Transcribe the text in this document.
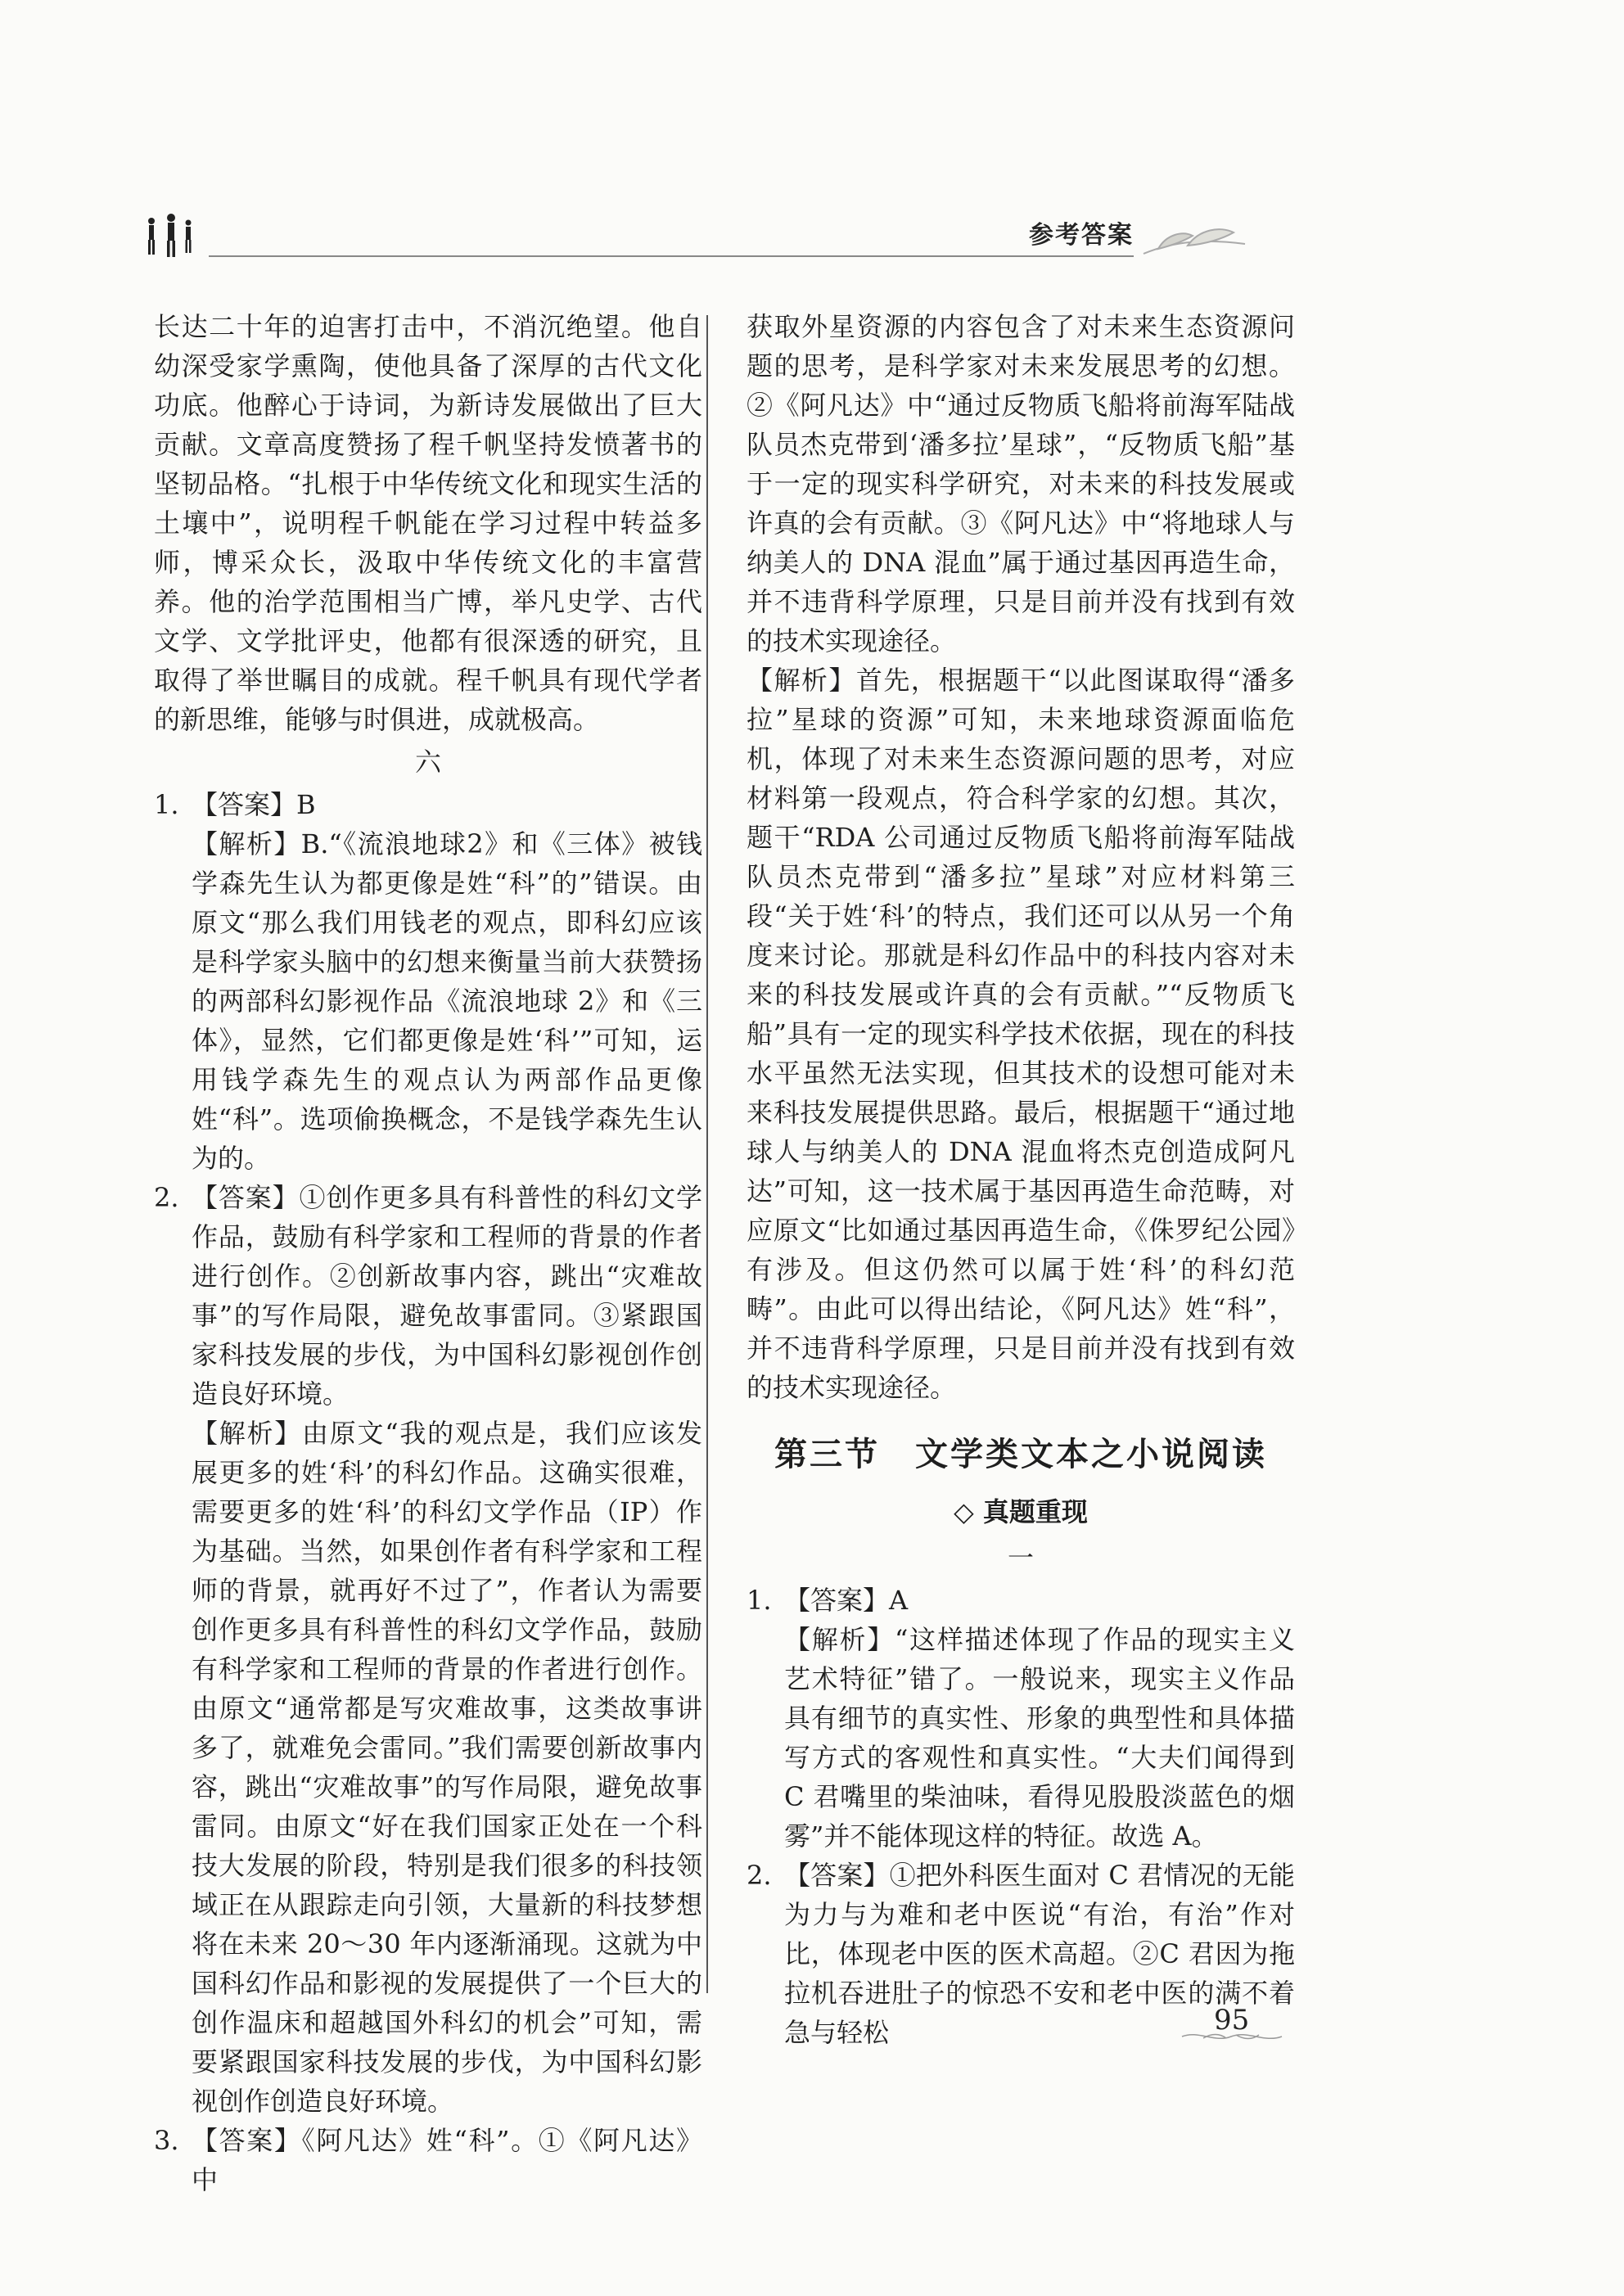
参考答案

长达二十年的迫害打击中，不消沉绝望。他自幼深受家学熏陶，使他具备了深厚的古代文化功底。他醉心于诗词，为新诗发展做出了巨大贡献。文章高度赞扬了程千帆坚持发愤著书的坚韧品格。“扎根于中华传统文化和现实生活的土壤中”，说明程千帆能在学习过程中转益多师，博采众长，汲取中华传统文化的丰富营养。他的治学范围相当广博，举凡史学、古代文学、文学批评史，他都有很深透的研究，且取得了举世瞩目的成就。程千帆具有现代学者的新思维，能够与时俱进，成就极高。

六
1. 【答案】B

【解析】B.“《流浪地球2》和《三体》被钱学森先生认为都更像是姓“科”的”错误。由原文“那么我们用钱老的观点，即科幻应该是科学家头脑中的幻想来衡量当前大获赞扬的两部科幻影视作品《流浪地球 2》和《三体》，显然，它们都更像是姓‘科’”可知，运用钱学森先生的观点认为两部作品更像姓“科”。选项偷换概念，不是钱学森先生认为的。

2. 【答案】①创作更多具有科普性的科幻文学作品，鼓励有科学家和工程师的背景的作者进行创作。②创新故事内容，跳出“灾难故事”的写作局限，避免故事雷同。③紧跟国家科技发展的步伐，为中国科幻影视创作创造良好环境。

【解析】由原文“我的观点是，我们应该发展更多的姓‘科’的科幻作品。这确实很难，需要更多的姓‘科’的科幻文学作品（IP）作为基础。当然，如果创作者有科学家和工程师的背景，就再好不过了”，作者认为需要创作更多具有科普性的科幻文学作品，鼓励有科学家和工程师的背景的作者进行创作。由原文“通常都是写灾难故事，这类故事讲多了，就难免会雷同。”我们需要创新故事内容，跳出“灾难故事”的写作局限，避免故事雷同。由原文“好在我们国家正处在一个科技大发展的阶段，特别是我们很多的科技领域正在从跟踪走向引领，大量新的科技梦想将在未来 20～30 年内逐渐涌现。这就为中国科幻作品和影视的发展提供了一个巨大的创作温床和超越国外科幻的机会”可知，需要紧跟国家科技发展的步伐，为中国科幻影视创作创造良好环境。

3. 【答案】《阿凡达》姓“科”。①《阿凡达》中

获取外星资源的内容包含了对未来生态资源问题的思考，是科学家对未来发展思考的幻想。②《阿凡达》中“通过反物质飞船将前海军陆战队员杰克带到‘潘多拉’星球”，“反物质飞船”基于一定的现实科学研究，对未来的科技发展或许真的会有贡献。③《阿凡达》中“将地球人与纳美人的 DNA 混血”属于通过基因再造生命，并不违背科学原理，只是目前并没有找到有效的技术实现途径。

【解析】首先，根据题干“以此图谋取得“潘多拉”星球的资源”可知，未来地球资源面临危机，体现了对未来生态资源问题的思考，对应材料第一段观点，符合科学家的幻想。其次，题干“RDA 公司通过反物质飞船将前海军陆战队员杰克带到“潘多拉”星球”对应材料第三段“关于姓‘科’的特点，我们还可以从另一个角度来讨论。那就是科幻作品中的科技内容对未来的科技发展或许真的会有贡献。”“反物质飞船”具有一定的现实科学技术依据，现在的科技水平虽然无法实现，但其技术的设想可能对未来科技发展提供思路。最后，根据题干“通过地球人与纳美人的 DNA 混血将杰克创造成阿凡达”可知，这一技术属于基因再造生命范畴，对应原文“比如通过基因再造生命，《侏罗纪公园》有涉及。但这仍然可以属于姓‘科’的科幻范畴”。由此可以得出结论，《阿凡达》姓“科”，并不违背科学原理，只是目前并没有找到有效的技术实现途径。

第三节　文学类文本之小说阅读
◇ 真题重现
一
1. 【答案】A

【解析】“这样描述体现了作品的现实主义艺术特征”错了。一般说来，现实主义作品具有细节的真实性、形象的典型性和具体描写方式的客观性和真实性。“大夫们闻得到 C 君嘴里的柴油味，看得见股股淡蓝色的烟雾”并不能体现这样的特征。故选 A。

2. 【答案】①把外科医生面对 C 君情况的无能为力与为难和老中医说“有治，有治”作对比，体现老中医的医术高超。②C 君因为拖拉机吞进肚子的惊恐不安和老中医的满不着急与轻松	95
